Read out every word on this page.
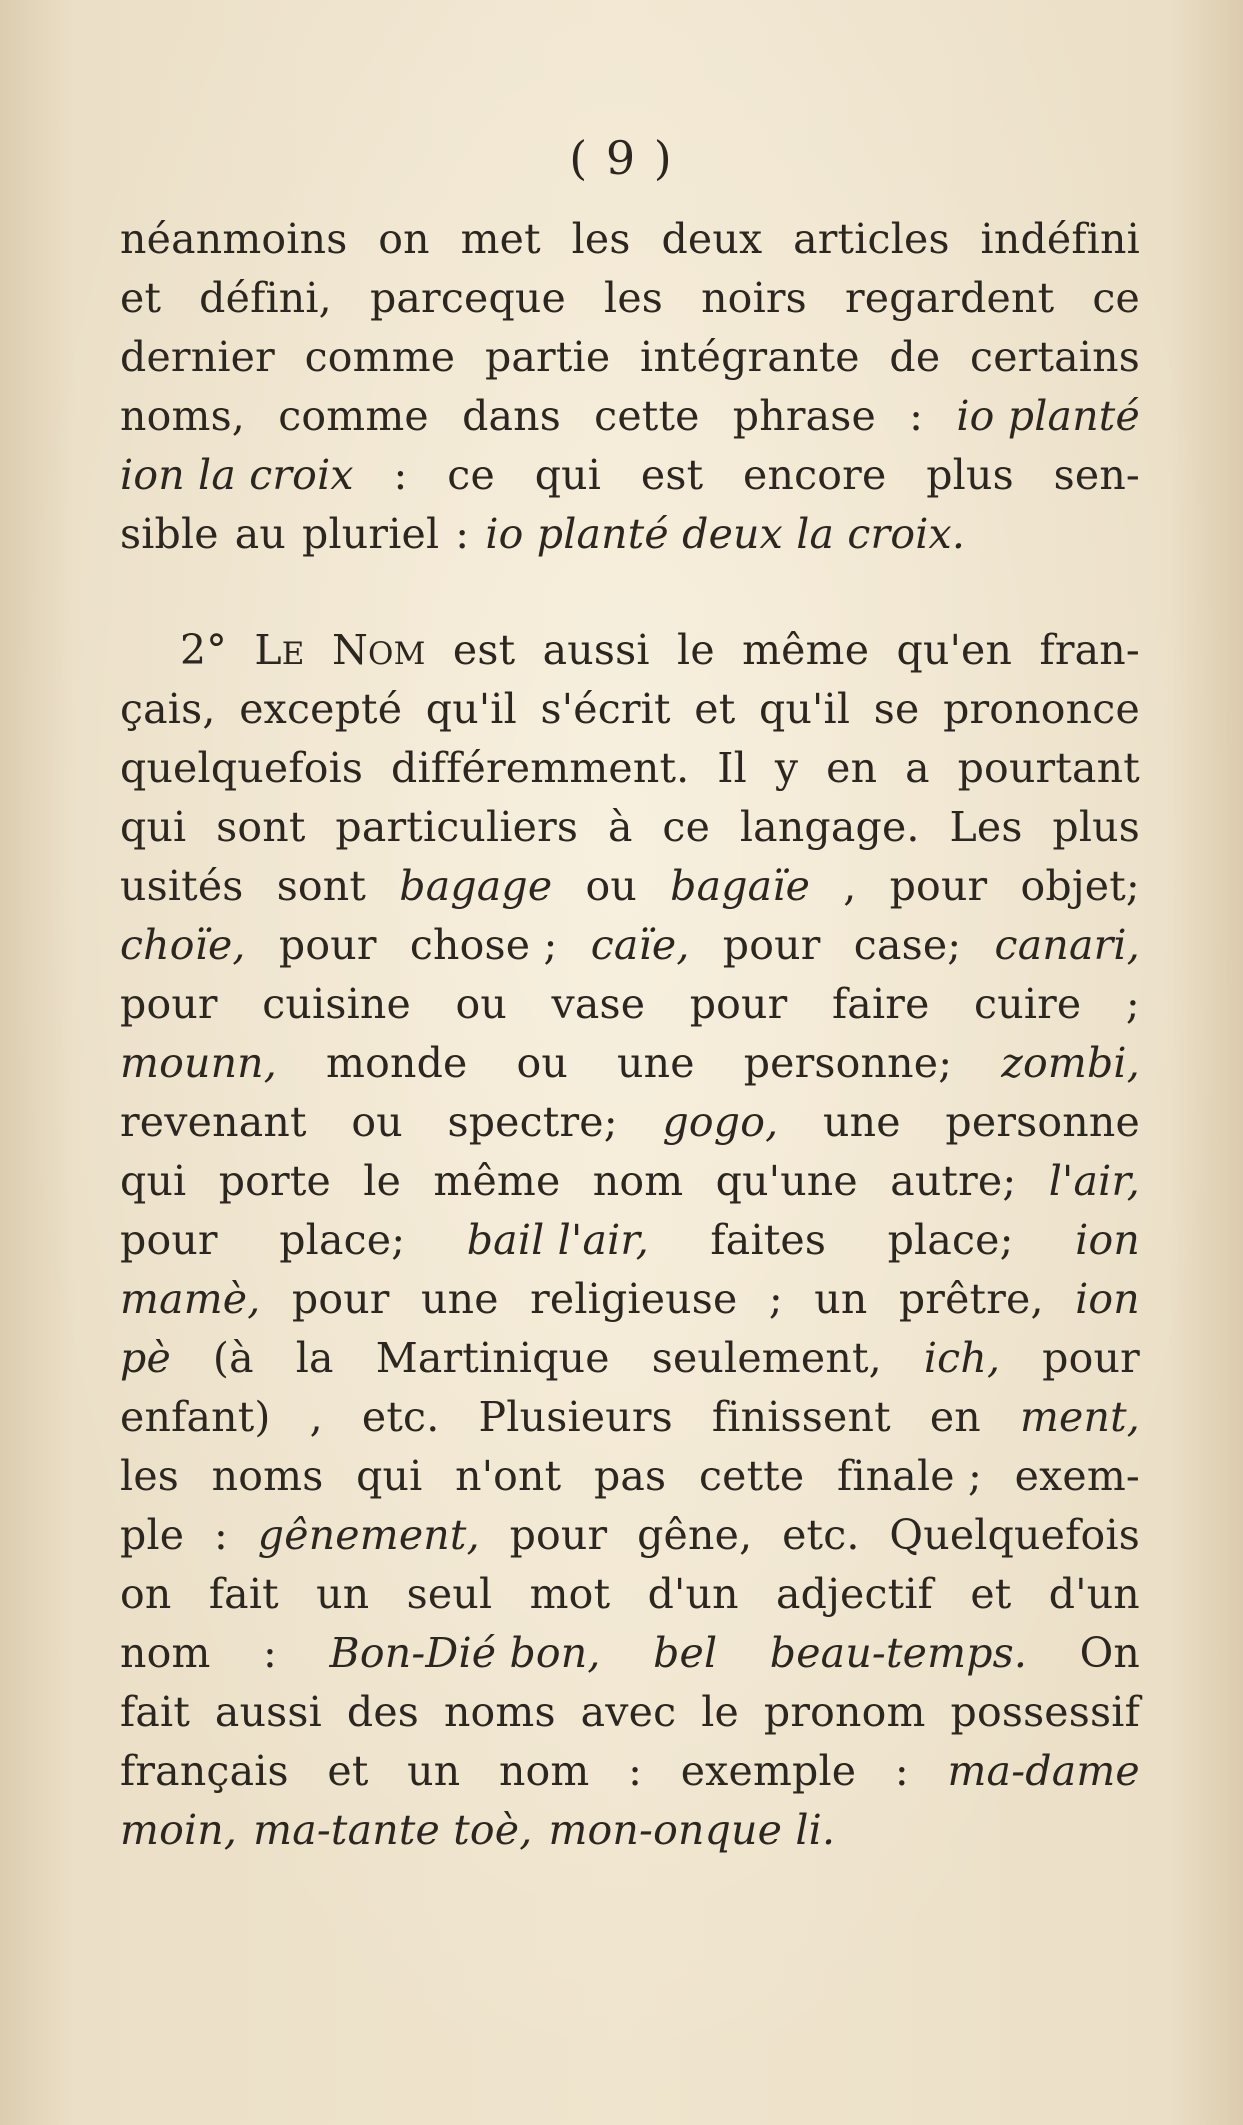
( 9 )
néanmoins on met les deux articles indéfini
et défini, parceque les noirs regardent ce
dernier comme partie intégrante de certains
noms, comme dans cette phrase : io planté
ion la croix : ce qui est encore plus sen-
sible au pluriel : io planté deux la croix.
2° LE NOM est aussi le même qu'en fran-
çais, excepté qu'il s'écrit et qu'il se prononce
quelquefois différemment. Il y en a pourtant
qui sont particuliers à ce langage. Les plus
usités sont bagage ou bagaïe , pour objet;
choïe, pour chose ; caïe, pour case; canari,
pour cuisine ou vase pour faire cuire ;
mounn, monde ou une personne; zombi,
revenant ou spectre; gogo, une personne
qui porte le même nom qu'une autre; l'air,
pour place; bail l'air, faites place; ion
mamè, pour une religieuse ; un prêtre, ion
pè (à la Martinique seulement, ich, pour
enfant) , etc. Plusieurs finissent en ment,
les noms qui n'ont pas cette finale ; exem-
ple : gênement, pour gêne, etc. Quelquefois
on fait un seul mot d'un adjectif et d'un
nom : Bon-Dié bon, bel beau-temps. On
fait aussi des noms avec le pronom possessif
français et un nom : exemple : ma-dame
moin, ma-tante toè, mon-onque li.
